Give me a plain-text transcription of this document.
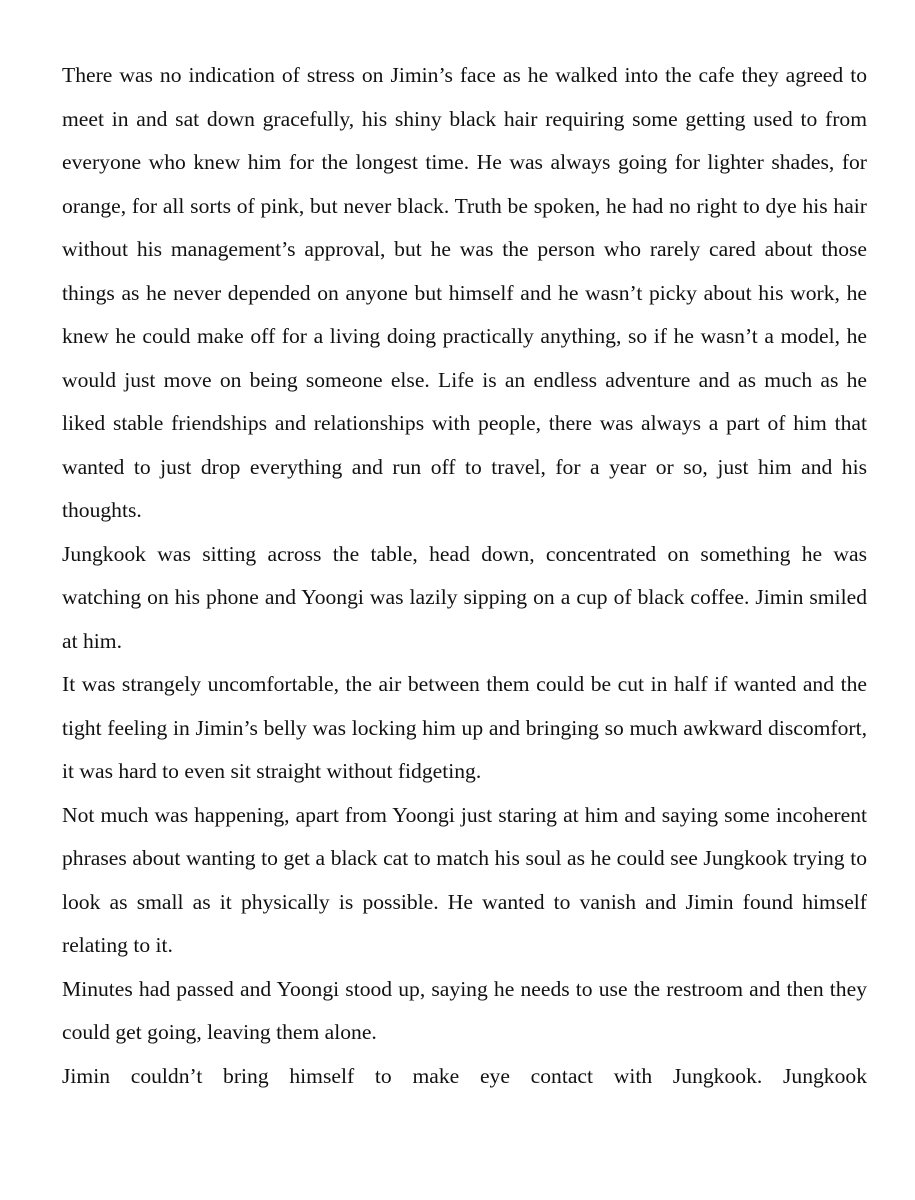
There was no indication of stress on Jimin’s face as he walked into the cafe they agreed to meet in and sat down gracefully, his shiny black hair requiring some getting used to from everyone who knew him for the longest time. He was always going for lighter shades, for orange, for all sorts of pink, but never black. Truth be spoken, he had no right to dye his hair without his management’s approval, but he was the person who rarely cared about those things as he never depended on anyone but himself and he wasn’t picky about his work, he knew he could make off for a living doing practically anything, so if he wasn’t a model, he would just move on being someone else. Life is an endless adventure and as much as he liked stable friendships and relationships with people, there was always a part of him that wanted to just drop everything and run off to travel, for a year or so, just him and his thoughts.

Jungkook was sitting across the table, head down, concentrated on something he was watching on his phone and Yoongi was lazily sipping on a cup of black coffee. Jimin smiled at him.

It was strangely uncomfortable, the air between them could be cut in half if wanted and the tight feeling in Jimin’s belly was locking him up and bringing so much awkward discomfort, it was hard to even sit straight without fidgeting.

Not much was happening, apart from Yoongi just staring at him and saying some incoherent phrases about wanting to get a black cat to match his soul as he could see Jungkook trying to look as small as it physically is possible. He wanted to vanish and Jimin found himself relating to it.

Minutes had passed and Yoongi stood up, saying he needs to use the restroom and then they could get going, leaving them alone.

Jimin couldn’t bring himself to make eye contact with Jungkook. Jungkook
